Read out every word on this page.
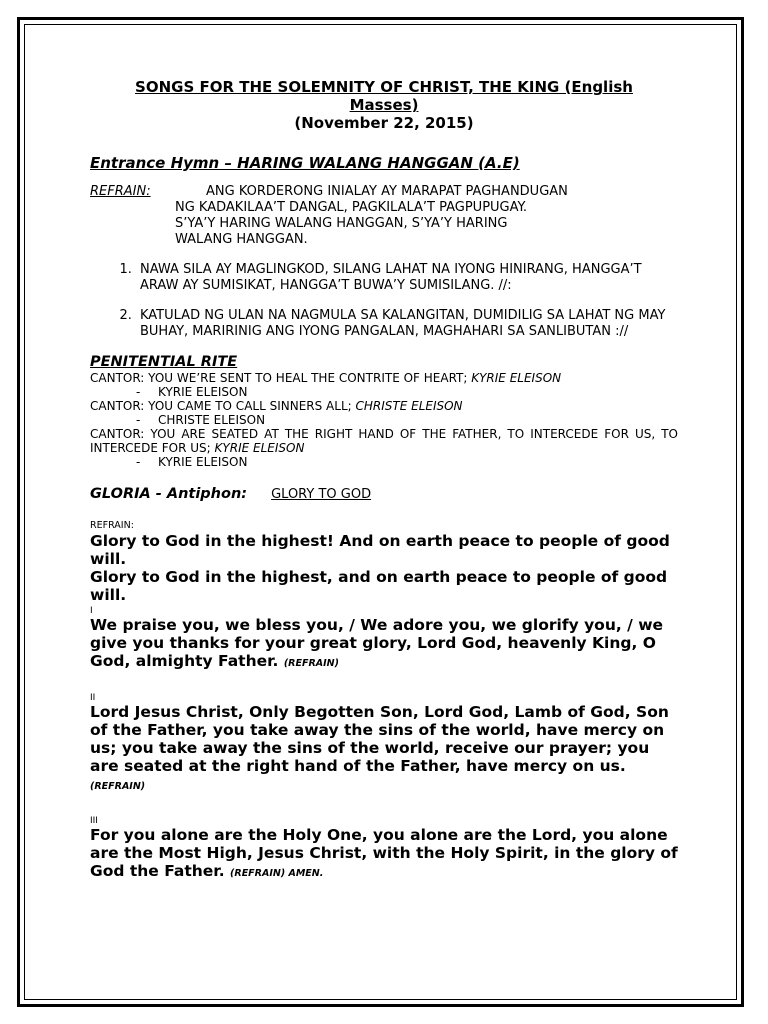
SONGS FOR THE SOLEMNITY OF CHRIST, THE KING (English
Masses)
(November 22, 2015)
Entrance Hymn – HARING WALANG HANGGAN (A.E)
REFRAIN:	ANG KORDERONG INIALAY AY MARAPAT PAGHANDUGAN
NG KADAKILAA’T DANGAL, PAGKILALA’T PAGPUPUGAY.
S’YA’Y HARING WALANG HANGGAN, S’YA’Y HARING
WALANG HANGGAN.
1. NAWA SILA AY MAGLINGKOD, SILANG LAHAT NA IYONG HINIRANG, HANGGA’T ARAW AY SUMISIKAT, HANGGA’T BUWA’Y SUMISILANG. //:
2. KATULAD NG ULAN NA NAGMULA SA KALANGITAN, DUMIDILIG SA LAHAT NG MAY BUHAY, MARIRINIG ANG IYONG PANGALAN, MAGHAHARI SA SANLIBUTAN ://
PENITENTIAL RITE

CANTOR: YOU WE’RE SENT TO HEAL THE CONTRITE OF HEART; KYRIE ELEISON

- KYRIE ELEISON

CANTOR: YOU CAME TO CALL SINNERS ALL; CHRISTE ELEISON

- CHRISTE ELEISON

CANTOR: YOU ARE SEATED AT THE RIGHT HAND OF THE FATHER, TO INTERCEDE FOR US, TO INTERCEDE FOR US; KYRIE ELEISON

- KYRIE ELEISON
GLORIA - Antiphon: GLORY TO GOD
REFRAIN:

Glory to God in the highest! And on earth peace to people of good will.

Glory to God in the highest, and on earth peace to people of good will.

I

We praise you, we bless you, / We adore you, we glorify you, / we give you thanks for your great glory, Lord God, heavenly King, O God, almighty Father. (REFRAIN)

II

Lord Jesus Christ, Only Begotten Son, Lord God, Lamb of God, Son of the Father, you take away the sins of the world, have mercy on us; you take away the sins of the world, receive our prayer; you are seated at the right hand of the Father, have mercy on us. (REFRAIN)

III

For you alone are the Holy One, you alone are the Lord, you alone are the Most High, Jesus Christ, with the Holy Spirit, in the glory of God the Father. (REFRAIN) AMEN.
